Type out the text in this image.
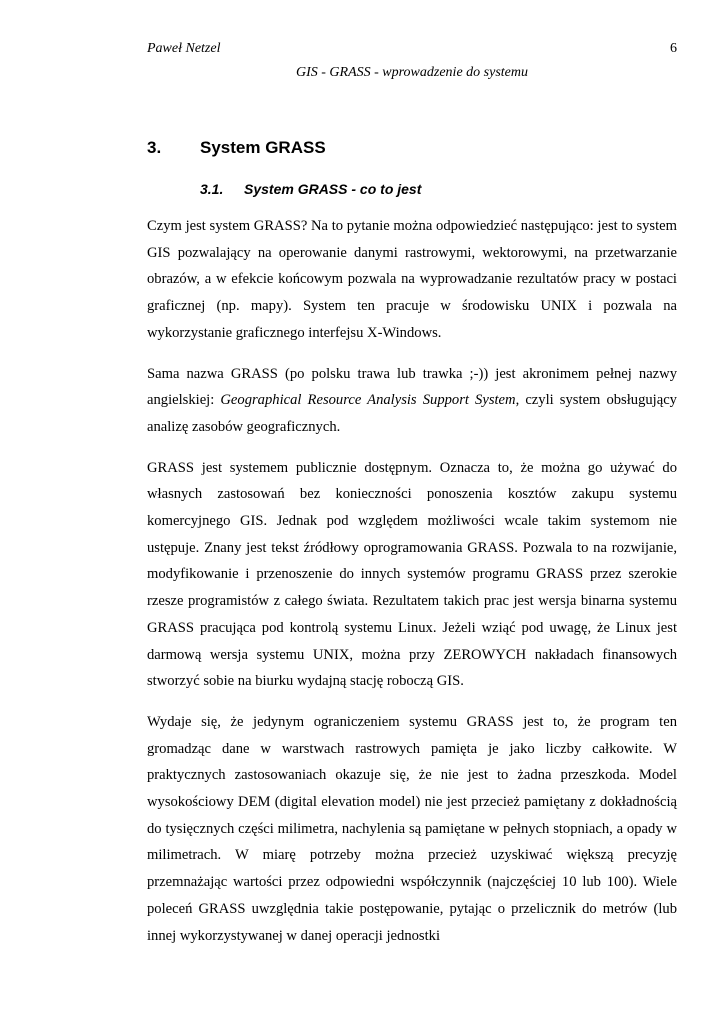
Paweł Netzel	6
GIS - GRASS - wprowadzenie do systemu
3. System GRASS
3.1. System GRASS - co to jest

Czym jest system GRASS? Na to pytanie można odpowiedzieć następująco: jest to system GIS pozwalający na operowanie danymi rastrowymi, wektorowymi, na przetwarzanie obrazów, a w efekcie końcowym pozwala na wyprowadzanie rezultatów pracy w postaci graficznej (np. mapy). System ten pracuje w środowisku UNIX i pozwala na wykorzystanie graficznego interfejsu X-Windows.

Sama nazwa GRASS (po polsku trawa lub trawka ;-)) jest akronimem pełnej nazwy angielskiej: Geographical Resource Analysis Support System, czyli system obsługujący analizę zasobów geograficznych.

GRASS jest systemem publicznie dostępnym. Oznacza to, że można go używać do własnych zastosowań bez konieczności ponoszenia kosztów zakupu systemu komercyjnego GIS. Jednak pod względem możliwości wcale takim systemom nie ustępuje. Znany jest tekst źródłowy oprogramowania GRASS. Pozwala to na rozwijanie, modyfikowanie i przenoszenie do innych systemów programu GRASS przez szerokie rzesze programistów z całego świata. Rezultatem takich prac jest wersja binarna systemu GRASS pracująca pod kontrolą systemu Linux. Jeżeli wziąć pod uwagę, że Linux jest darmową wersja systemu UNIX, można przy ZEROWYCH nakładach finansowych stworzyć sobie na biurku wydajną stację roboczą GIS.

Wydaje się, że jedynym ograniczeniem systemu GRASS jest to, że program ten gromadząc dane w warstwach rastrowych pamięta je jako liczby całkowite. W praktycznych zastosowaniach okazuje się, że nie jest to żadna przeszkoda. Model wysokościowy DEM (digital elevation model) nie jest przecież pamiętany z dokładnością do tysięcznych części milimetra, nachylenia są pamiętane w pełnych stopniach, a opady w milimetrach. W miarę potrzeby można przecież uzyskiwać większą precyzję przemnażając wartości przez odpowiedni współczynnik (najczęściej 10 lub 100). Wiele poleceń GRASS uwzględnia takie postępowanie, pytając o przelicznik do metrów (lub innej wykorzystywanej w danej operacji jednostki
